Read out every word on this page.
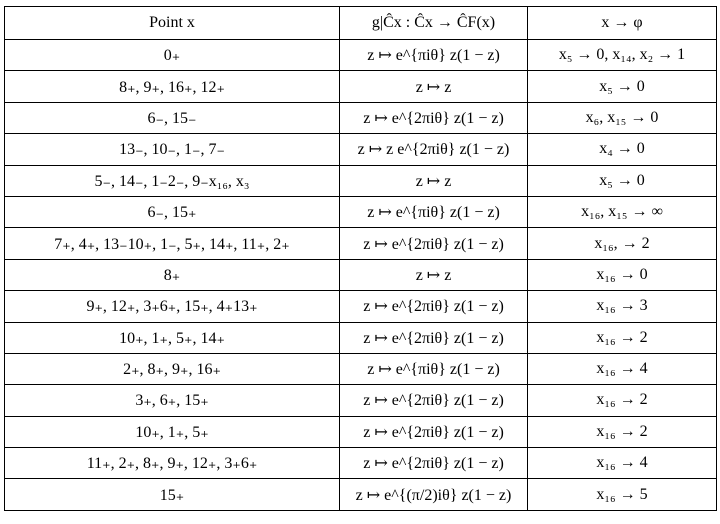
Point x	g|Ĉx : Ĉx → ĈF(x)	x → φ
0₊	z ↦ e^{πiθ} z(1 − z)	x₅ → 0, x₁₄, x₂ → 1
8₊, 9₊, 16₊, 12₊	z ↦ z	x₅ → 0
6₋, 15₋	z ↦ e^{2πiθ} z(1 − z)	x₆, x₁₅ → 0
13₋, 10₋, 1₋, 7₋	z ↦ z e^{2πiθ} z(1 − z)	x₄ → 0
5₋, 14₋, 1₋2₋, 9₋x₁₆, x₃	z ↦ z	x₅ → 0
6₋, 15₊	z ↦ e^{πiθ} z(1 − z)	x₁₆, x₁₅ → ∞
7₊, 4₊, 13₋10₊, 1₋, 5₊, 14₊, 11₊, 2₊	z ↦ e^{2πiθ} z(1 − z)	x₁₆, → 2
8₊	z ↦ z	x₁₆ → 0
9₊, 12₊, 3₊6₊, 15₊, 4₊13₊	z ↦ e^{2πiθ} z(1 − z)	x₁₆ → 3
10₊, 1₊, 5₊, 14₊	z ↦ e^{2πiθ} z(1 − z)	x₁₆ → 2
2₊, 8₊, 9₊, 16₊	z ↦ e^{πiθ} z(1 − z)	x₁₆ → 4
3₊, 6₊, 15₊	z ↦ e^{2πiθ} z(1 − z)	x₁₆ → 2
10₊, 1₊, 5₊	z ↦ e^{2πiθ} z(1 − z)	x₁₆ → 2
11₊, 2₊, 8₊, 9₊, 12₊, 3₊6₊	z ↦ e^{2πiθ} z(1 − z)	x₁₆ → 4
15₊	z ↦ e^{(π/2)iθ} z(1 − z)	x₁₆ → 5
